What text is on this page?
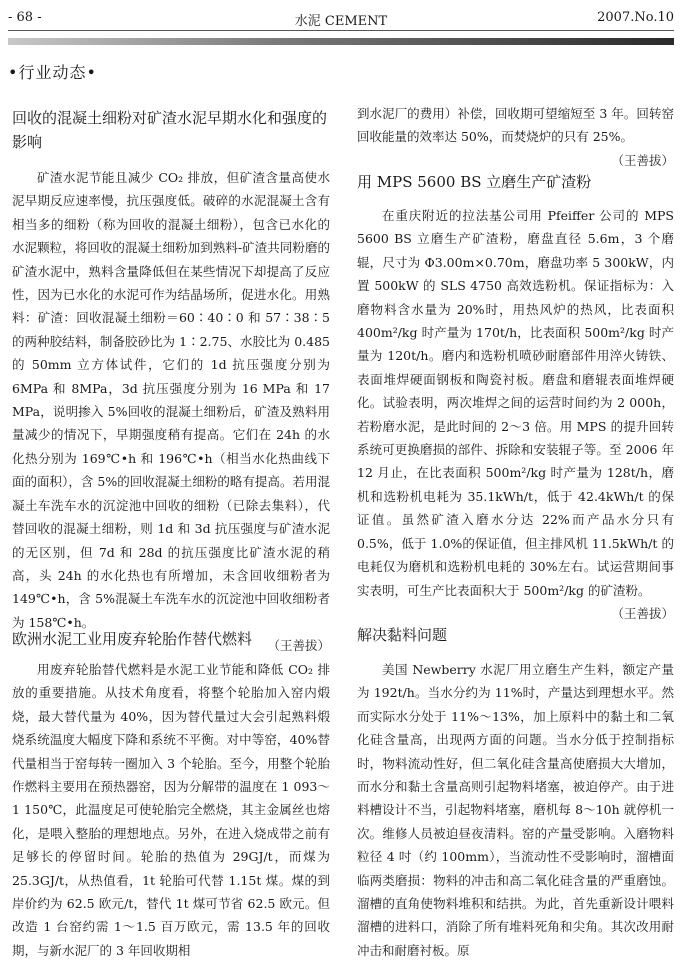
- 68 -	水泥 CEMENT	2007.No.10
•行业动态•
回收的混凝土细粉对矿渣水泥早期水化和强度的影响

矿渣水泥节能且减少 CO₂ 排放，但矿渣含量高使水泥早期反应速率慢，抗压强度低。破碎的水泥混凝土含有相当多的细粉（称为回收的混凝土细粉），包含已水化的水泥颗粒，将回收的混凝土细粉加到熟料-矿渣共同粉磨的矿渣水泥中，熟料含量降低但在某些情况下却提高了反应性，因为已水化的水泥可作为结晶场所，促进水化。用熟料：矿渣：回收混凝土细粉＝60∶40∶0 和 57∶38∶5 的两种胶结料，制备胶砂比为 1∶2.75、水胶比为 0.485 的 50mm 立方体试件，它们的 1d 抗压强度分别为 6MPa 和 8MPa，3d 抗压强度分别为 16 MPa 和 17 MPa，说明掺入 5%回收的混凝土细粉后，矿渣及熟料用量减少的情况下，早期强度稍有提高。它们在 24h 的水化热分别为 169℃•h 和 196℃•h（相当水化热曲线下面的面积），含 5%的回收混凝土细粉的略有提高。若用混凝土车洗车水的沉淀池中回收的细粉（已除去集料），代替回收的混凝土细粉，则 1d 和 3d 抗压强度与矿渣水泥的无区别，但 7d 和 28d 的抗压强度比矿渣水泥的稍高，头 24h 的水化热也有所增加，未含回收细粉者为149℃•h，含 5%混凝土车洗车水的沉淀池中回收细粉者为 158℃•h。

（王善拔）
欧洲水泥工业用废弃轮胎作替代燃料

用废弃轮胎替代燃料是水泥工业节能和降低 CO₂ 排放的重要措施。从技术角度看，将整个轮胎加入窑内煅烧，最大替代量为 40%，因为替代量过大会引起熟料煅烧系统温度大幅度下降和系统不平衡。对中等窑，40%替代量相当于窑每转一圈加入 3 个轮胎。至今，用整个轮胎作燃料主要用在预热器窑，因为分解带的温度在 1 093～1 150℃，此温度足可使轮胎完全燃烧，其主金属丝也熔化，是喂入整胎的理想地点。另外，在进入烧成带之前有足够长的停留时间。轮胎的热值为 29GJ/t，而煤为 25.3GJ/t，从热值看，1t 轮胎可代替 1.15t 煤。煤的到岸价约为 62.5 欧元/t，替代 1t 煤可节省 62.5 欧元。但改造 1 台窑约需 1～1.5 百万欧元，需 13.5 年的回收期，与新水泥厂的 3 年回收期相

到水泥厂的费用）补偿，回收期可望缩短至 3 年。回转窑回收能量的效率达 50%，而焚烧炉的只有 25%。

（王善拔）
用 MPS 5600 BS 立磨生产矿渣粉

在重庆附近的拉法基公司用 Pfeiffer 公司的 MPS 5600 BS 立磨生产矿渣粉，磨盘直径 5.6m，3 个磨辊，尺寸为 Φ3.00m×0.70m，磨盘功率 5 300kW，内置 500kW 的 SLS 4750 高效选粉机。保证指标为：入磨物料含水量为 20%时，用热风炉的热风，比表面积 400m²/kg 时产量为 170t/h，比表面积 500m²/kg 时产量为 120t/h。磨内和选粉机喷砂耐磨部件用淬火铸铁、表面堆焊硬面钢板和陶瓷衬板。磨盘和磨辊表面堆焊硬化。试验表明，两次堆焊之间的运营时间约为 2 000h，若粉磨水泥，是此时间的 2～3 倍。用 MPS 的提升回转系统可更换磨损的部件、拆除和安装辊子等。至 2006 年 12 月止，在比表面积 500m²/kg 时产量为 128t/h，磨机和选粉机电耗为 35.1kWh/t，低于 42.4kWh/t 的保证值。虽然矿渣入磨水分达 22%而产品水分只有 0.5%，低于 1.0%的保证值，但主排风机 11.5kWh/t 的电耗仅为磨机和选粉机电耗的 30%左右。试运营期间事实表明，可生产比表面积大于 500m²/kg 的矿渣粉。

（王善拔）
解决黏料问题

美国 Newberry 水泥厂用立磨生产生料，额定产量为 192t/h。当水分约为 11%时，产量达到理想水平。然而实际水分处于 11%～13%，加上原料中的黏土和二氧化硅含量高，出现两方面的问题。当水分低于控制指标时，物料流动性好，但二氧化硅含量高使磨损大大增加，而水分和黏土含量高则引起物料堵塞，被迫停产。由于进料槽设计不当，引起物料堵塞，磨机每 8～10h 就停机一次。维修人员被迫昼夜清料。窑的产量受影响。入磨物料粒径 4 吋（约 100mm），当流动性不受影响时，溜槽面临两类磨损：物料的冲击和高二氧化硅含量的严重磨蚀。溜槽的直角使物料堆积和结拱。为此，首先重新设计喂料溜槽的进料口，消除了所有堆料死角和尖角。其次改用耐冲击和耐磨衬板。原
